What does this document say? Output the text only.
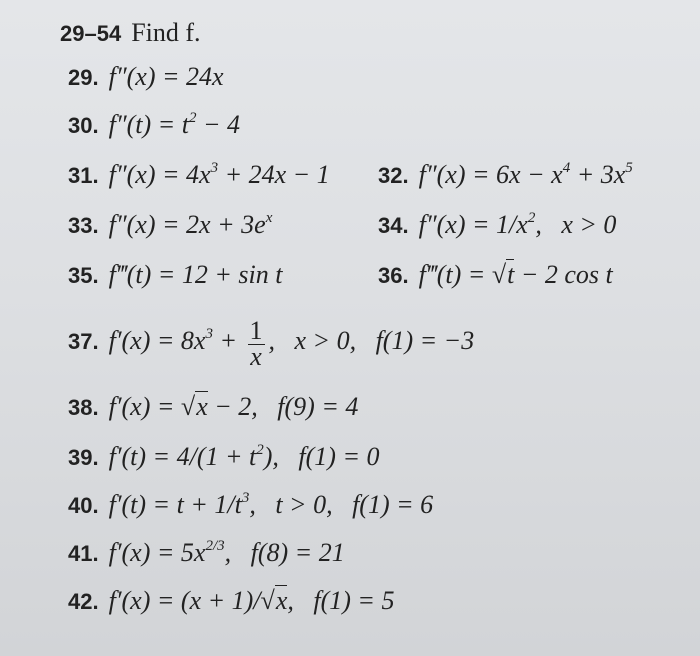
29–54 Find f.
29. f″(x) = 24x
30. $f''(t) = t^2 - 4$
31. $f''(x) = 4x^3 + 24x - 1$ 32. $f''(x) = 6x - x^4 + 3x^5$
33. $f''(x) = 2x + 3e^x$	34. $f''(x) = 1/x^2$,   x > 0
35. f‴(t) = 12 + sin t	36. f‴(t) = √t − 2 cos t
37. $f'(x) = 8x^3 + \frac{1}{x}$ ,   x > 0,   f(1) = −3
38. f′(x) = √x − 2,   f(9) = 4
39. $f'(t) = 4/(1 + t^2)$,   f(1) = 0
40. $f'(t) = t + 1/t^3$,   t > 0,   f(1) = 6
41. $f'(x) = 5x^{2/3}$,   f(8) = 21
42. f′(x) = (x + 1)/√x,   f(1) = 5
